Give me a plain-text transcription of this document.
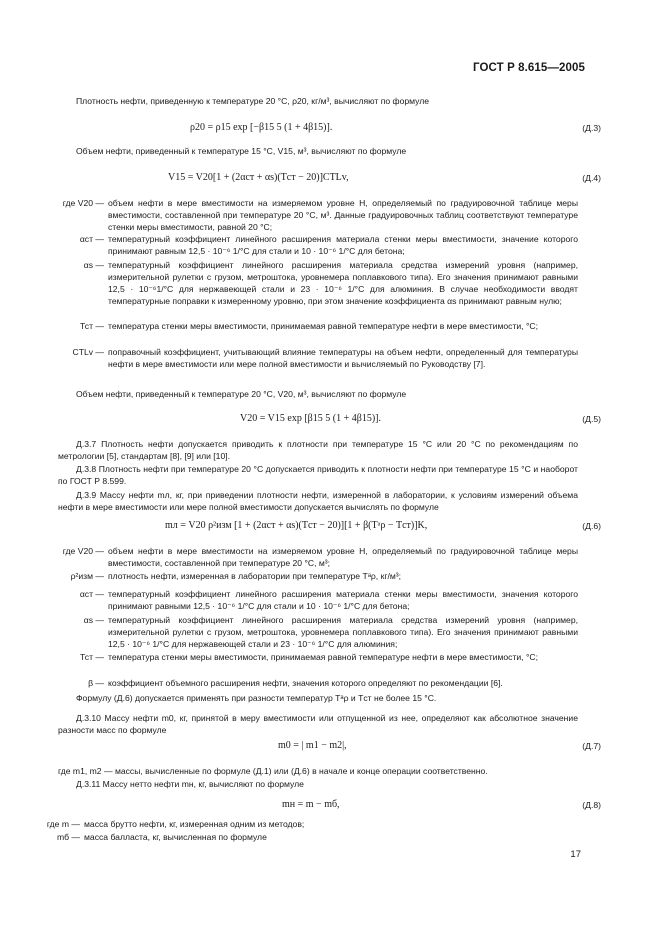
ГОСТ Р 8.615—2005
Плотность нефти, приведенную к температуре 20 °С, ρ20, кг/м³, вычисляют по формуле
ρ20 = ρ15 exp [−β15 5 (1 + 4β15)].	(Д.3)
Объем нефти, приведенный к температуре 15 °С, V15, м³, вычисляют по формуле
V15 = V20[1 + (2αст + αs)(Tст − 20)]CTLv,	(Д.4)
где V20 — объем нефти в мере вместимости на измеряемом уровне Н, определяемый по градуировочной таблице меры вместимости, составленной при температуре 20 °С, м³. Данные градуировочных таблиц соответствуют температуре стенки меры вместимости, равной 20 °С;
αст — температурный коэффициент линейного расширения материала стенки меры вместимости, значение которого принимают равным 12,5 · 10⁻⁶ 1/°С для стали и 10 · 10⁻⁶ 1/°С для бетона;
αs — температурный коэффициент линейного расширения материала средства измерений уровня (например, измерительной рулетки с грузом, метроштока, уровнемера поплавкового типа). Его значения принимают равными 12,5 · 10⁻⁶1/°С для нержавеющей стали и 23 · 10⁻⁶ 1/°С для алюминия. В случае необходимости вводят температурные поправки к измеренному уровню, при этом значение коэффициента αs принимают равным нулю;
Тст — температура стенки меры вместимости, принимаемая равной температуре нефти в мере вместимости, °С;
CTLv — поправочный коэффициент, учитывающий влияние температуры на объем нефти, определенный для температуры нефти в мере вместимости или мере полной вместимости и вычисляемый по Руководству [7].
Объем нефти, приведенный к температуре 20 °С, V20, м³, вычисляют по формуле
V20 = V15 exp [β15 5 (1 + 4β15)].	(Д.5)
Д.3.7 Плотность нефти допускается приводить к плотности при температуре 15 °С или 20 °С по рекомендациям по метрологии [5], стандартам [8], [9] или [10].
Д.3.8 Плотность нефти при температуре 20 °С допускается приводить к плотности нефти при температуре 15 °С и наоборот по ГОСТ Р 8.599.
Д.3.9 Массу нефти mл, кг, при приведении плотности нефти, измеренной в лаборатории, к условиям измерений объема нефти в мере вместимости или мере полной вместимости допускается вычислять по формуле
mл = V20 ρ²изм [1 + (2αст + αs)(Tст − 20)][1 + β(Tᵃρ − Tст)]K,	(Д.6)
где V20 — объем нефти в мере вместимости на измеряемом уровне Н, определяемый по градуировочной таблице меры вместимости, составленной при температуре 20 °С, м³;
ρ²изм — плотность нефти, измеренная в лаборатории при температуре Tᵃρ, кг/м³;
αст — температурный коэффициент линейного расширения материала стенки меры вместимости, значения которого принимают равными 12,5 · 10⁻⁶ 1/°С для стали и 10 · 10⁻⁶ 1/°С для бетона;
αs — температурный коэффициент линейного расширения материала средства измерений уровня (например, измерительной рулетки с грузом, метроштока, уровнемера поплавкового типа). Его значения принимают равными 12,5 · 10⁻⁶ 1/°С для нержавеющей стали и 23 · 10⁻⁶ 1/°С для алюминия;
Тст — температура стенки меры вместимости, принимаемая равной температуре нефти в мере вместимости, °С;
β — коэффициент объемного расширения нефти, значения которого определяют по рекомендации [6].
Формулу (Д.6) допускается применять при разности температур Tᵃρ и Tст не более 15 °С.
Д.3.10 Массу нефти m0, кг, принятой в меру вместимости или отпущенной из нее, определяют как абсолютное значение разности масс по формуле
m0 = | m1 − m2|,	(Д.7)
где m1, m2 — массы, вычисленные по формуле (Д.1) или (Д.6) в начале и конце операции соответственно.
Д.3.11 Массу нетто нефти mн, кг, вычисляют по формуле
mн = m − mб,	(Д.8)
где m — масса брутто нефти, кг, измеренная одним из методов;
mб — масса балласта, кг, вычисленная по формуле
17
